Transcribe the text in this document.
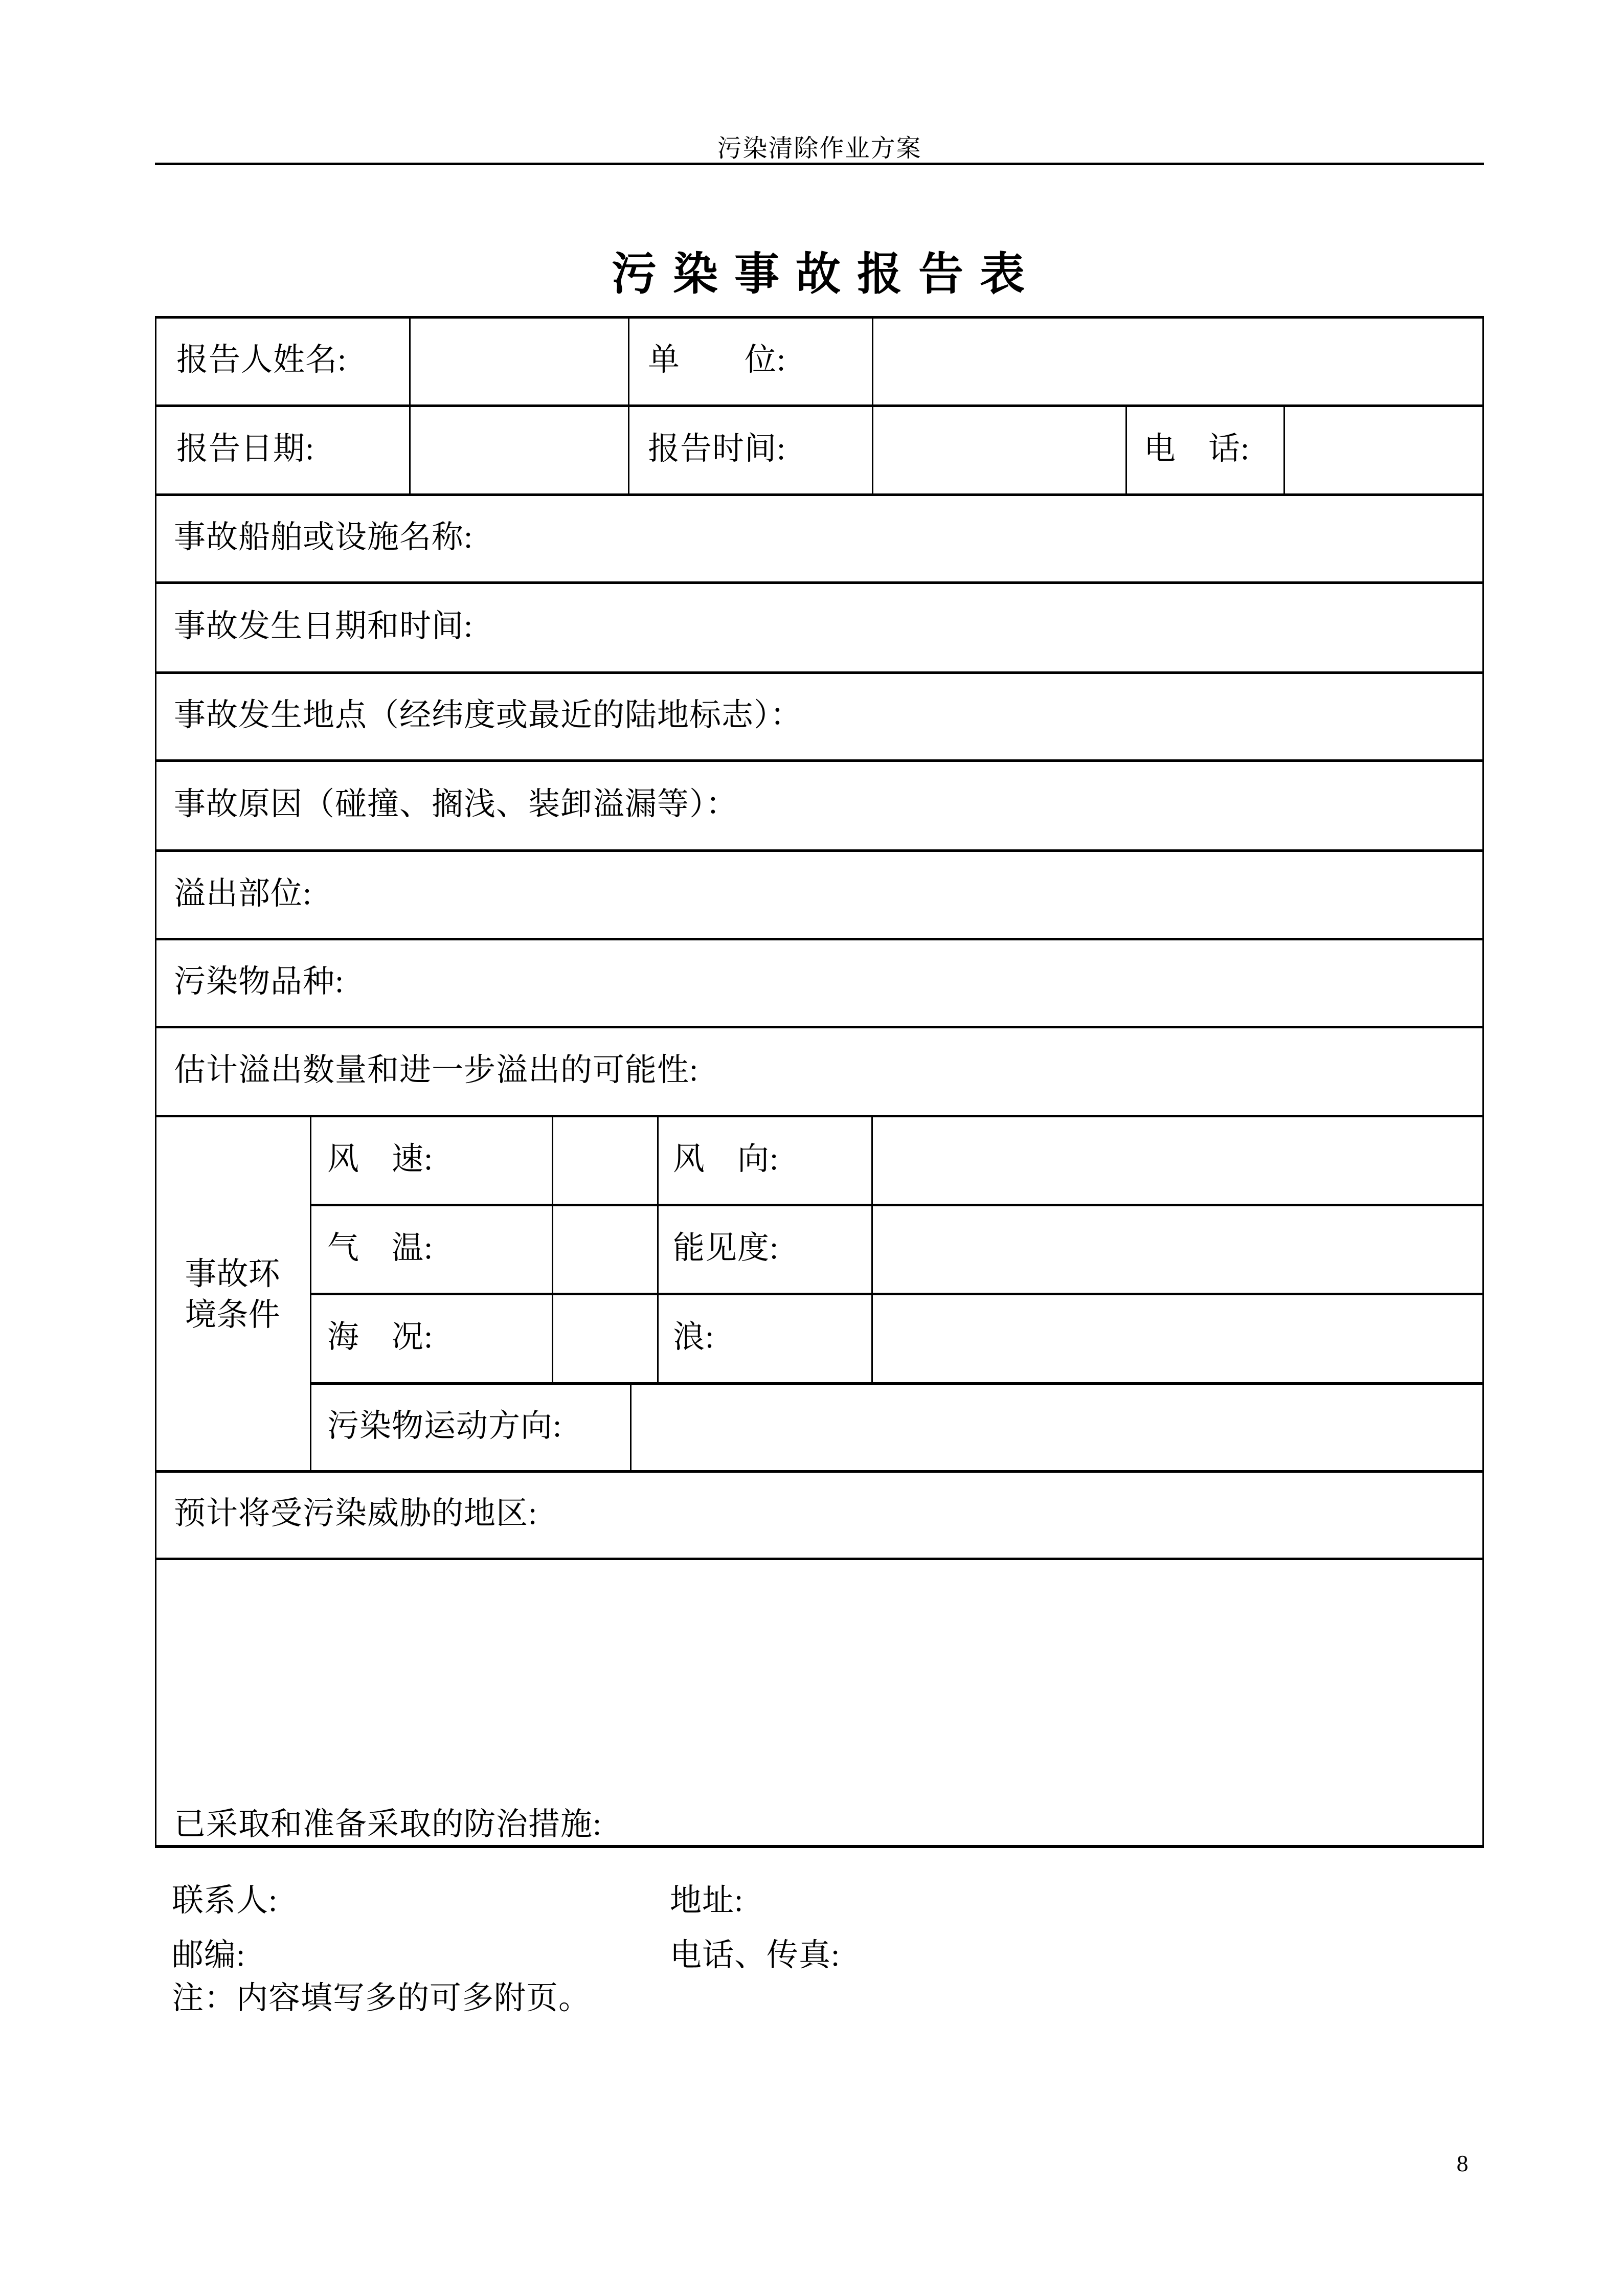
污染清除作业方案
污 染 事 故 报 告 表
报告人姓名:	单　　位:
报告日期:	报告时间:	电　话:
事故船舶或设施名称:
事故发生日期和时间:
事故发生地点（经纬度或最近的陆地标志）：
事故原因（碰撞、搁浅、装卸溢漏等）：
溢出部位:
污染物品种:
估计溢出数量和进一步溢出的可能性:
事故环
境条件
风　速:	风　向:
气　温:	能见度:
海　况:	浪:
污染物运动方向:
预计将受污染威胁的地区:
已采取和准备采取的防治措施:
联系人:	地址:
邮编:	电话、传真:
注：内容填写多的可多附页。
8
